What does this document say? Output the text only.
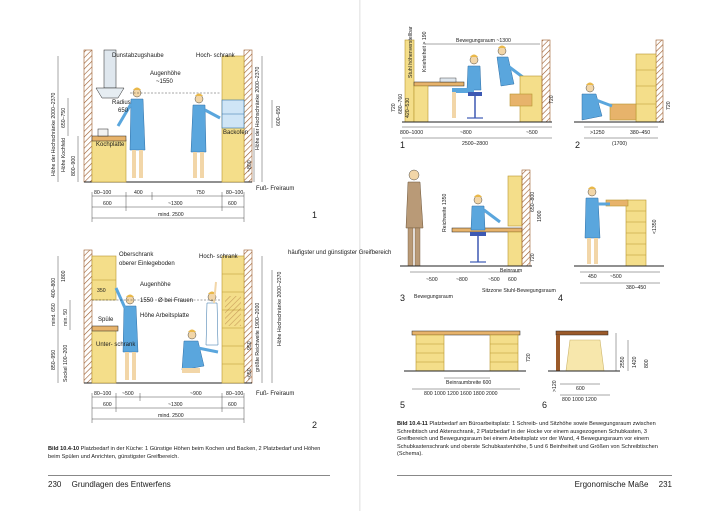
Dunstabzugshaube	Hoch- schrank
Augenhöhe
~1550
Radius
650
Kochplatte
Backofen
Fuß- Freiraum
Höhe der Hochschränke 2000–2370 650–750
Höhe Kochfeld 800–900
Höhe der Hochschränke 2000–2370	600–650
~800
80–100	400	750	80–100
600	~1300	600
mind. 2500	1
Oberschrank
oberer Einlegeboden
Hoch- schrank
häufigster und günstigster Greifbereich
Augenhöhe
1550 Ø bei Frauen
Spüle
Höhe Arbeitsplatte
Unter- schrank
Fuß- Freiraum
400–800
1800
mind. 650 min. 50
850–950 Sockel 100–200	größte Reichweite 1900–2000	Höhe Hochschränke 2000–2370
950
~650
350
80–100 ~500	~900	80–100
600	~1300	600
mind. 2500
2
Bewegungsraum ~1300
Stuhl höhenverstellbar Kniefreiheit > 190
720 680–760 420–530	720
800–1000	~800	~500
2500–2800
1
720
>1250	380–450
(1700)
2
Reichweite 1350
Beinraum
Bewegungsraum
Sitzzone Stuhl-Bewegungsraum
1900
650–800
720
~500	~800	~500 600
3
<1350
450	~500
380–450
4
720
Beinraumbreite 600
800 1000 1200 1600 1800 2000
5
2550 1420 800
>120	600
800 1000 1200
6
Bild 10.4-10 Platzbedarf in der Küche: 1 Günstige Höhen beim Kochen und Backen, 2 Platzbedarf und Höhen beim Spülen und Anrichten, günstigster Greifbereich.
Bild 10.4-11 Platzbedarf am Büroarbeitsplatz: 1 Schreib- und Sitzhöhe sowie Bewegungsraum zwischen Schreibtisch und Aktenschrank, 2 Platzbedarf in der Hocke vor einem ausgezogenen Schubkasten, 3 Greifbereich und Bewegungsraum bei einem Arbeitsplatz vor der Wand, 4 Bewegungsraum vor einem Schubkastenschrank und oberste Schubkastenhöhe, 5 und 6 Beinfreiheit und Größen von Schreibtischen (Schema).
230 Grundlagen des Entwerfens	Ergonomische Maße 231
